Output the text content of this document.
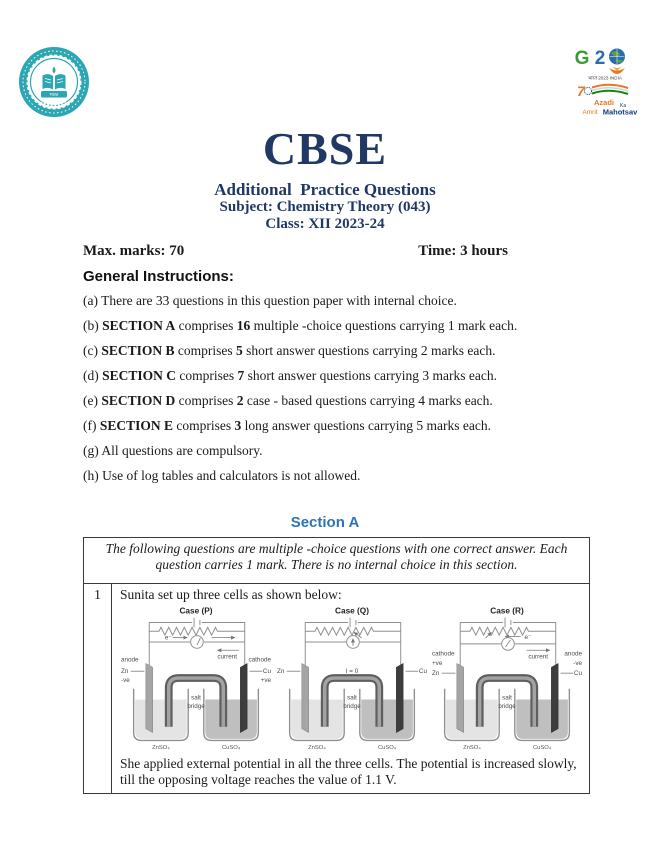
भारत
G 2
भारत 2023 INDIA
7
Azadi Ka
Amrit Mahotsav
CBSE
Additional  Practice Questions
Subject: Chemistry Theory (043)
Class: XII 2023-24
Max. marks: 70	Time: 3 hours
General Instructions:
(a) There are 33 questions in this question paper with internal choice.
(b) SECTION A comprises 16 multiple -choice questions carrying 1 mark each.
(c) SECTION B comprises 5 short answer questions carrying 2 marks each.
(d) SECTION C comprises 7 short answer questions carrying 3 marks each.
(e) SECTION D comprises 2 case - based questions carrying 4 marks each.
(f) SECTION E comprises 3 long answer questions carrying 5 marks each.
(g) All questions are compulsory.
(h) Use of log tables and calculators is not allowed.
Section A
The following questions are multiple -choice questions with one correct answer. Each question carries 1 mark. There is no internal choice in this section.
1	Sunita set up three cells as shown below:
Case (P)
e⁻
current
anode
Zn
-ve
cathode
Cu
+ve
salt
bridge
ZnSO₄	CuSO₄
Case (Q)
I = 0
Zn	Cu
salt
bridge
ZnSO₄	CuSO₄
Case (R)
e⁻
current
cathode
+ve
Zn
anode
-ve
Cu
salt
bridge
ZnSO₄	CuSO₄
She applied external potential in all the three cells. The potential is increased slowly, till the opposing voltage reaches the value of 1.1 V.
